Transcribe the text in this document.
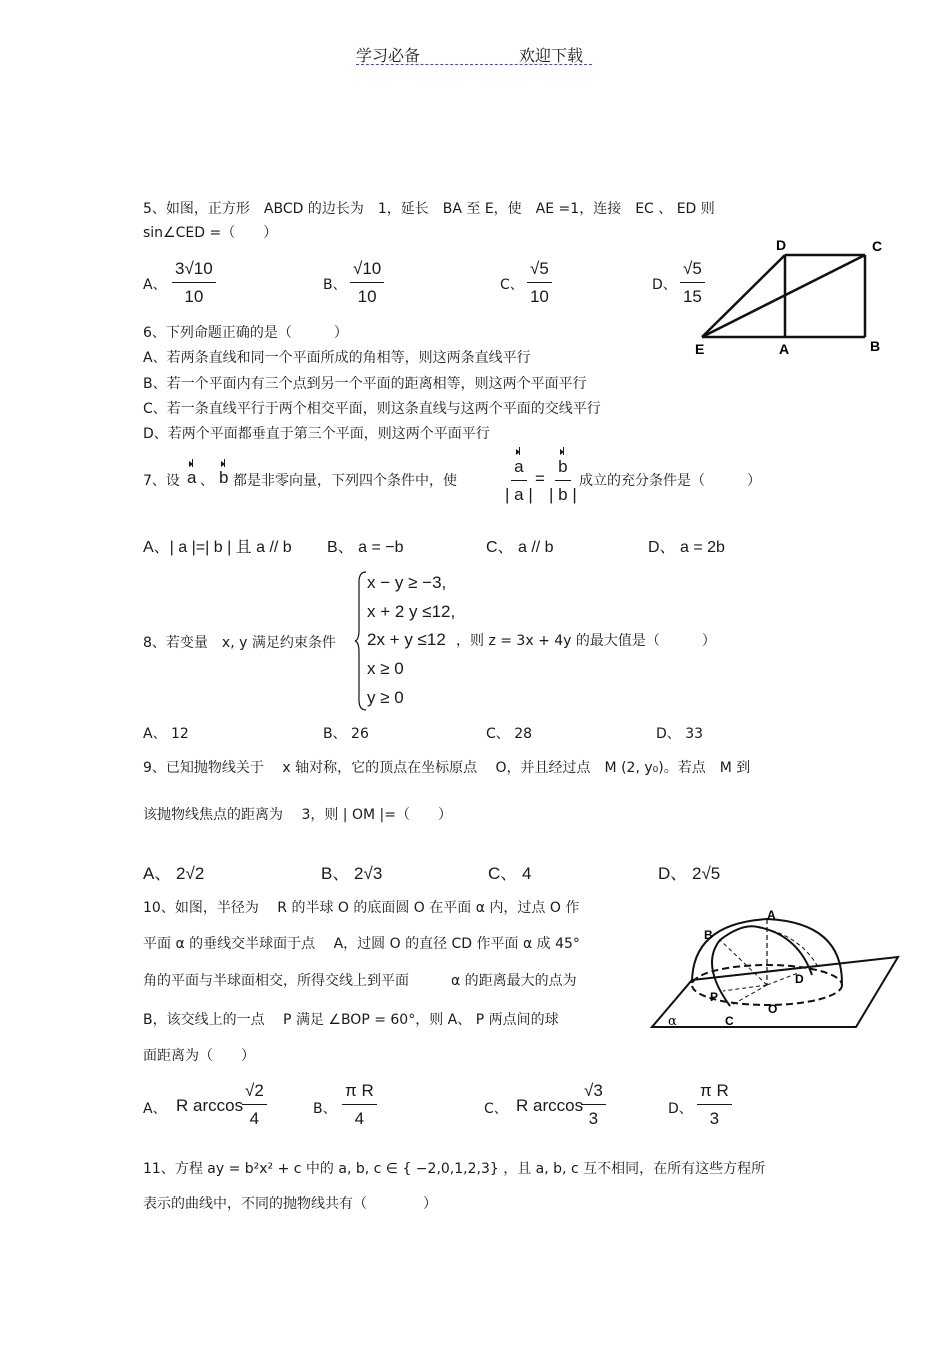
学习必备	欢迎下载
5、如图，正方形　ABCD 的边长为　1，延长　BA 至 E，使　AE =1，连接　EC 、 ED 则
sin∠CED =（　　）
A、 $\frac{3√10}{10}$	B、 $\frac{√10}{10}$	C、 $\frac{√5}{10}$	D、 $\frac{√5}{15}$
D	C
E	A	B
6、下列命题正确的是（　　　）
A、若两条直线和同一个平面所成的角相等，则这两条直线平行
B、若一个平面内有三个点到另一个平面的距离相等，则这两个平面平行
C、若一条直线平行于两个相交平面，则这条直线与这两个平面的交线平行
D、若两个平面都垂直于第三个平面，则这两个平面平行
7、设 a 、 b 都是非零向量，下列四个条件中，使	$\frac{a}{| a |} = \frac{b}{| b |}$ 成立的充分条件是（　　　）
A、| a |=| b | 且 a // b B、 a = −b	C、 a // b	D、 a = 2b
8、若变量　x, y 满足约束条件
x − y ≥ −3,
x + 2 y ≤12,
2x + y ≤12
x ≥ 0
y ≥ 0
，则 z = 3x + 4y 的最大值是（　　　）
A、 12	B、 26	C、 28	D、 33
9、已知抛物线关于　 x 轴对称，它的顶点在坐标原点　 O，并且经过点　M (2, y₀)。若点　M 到
该抛物线焦点的距离为　 3，则 | OM |=（　　）
A、 2√2	B、 2√3	C、 4	D、 2√5
10、如图，半径为　 R 的半球 O 的底面圆 O 在平面 α 内，过点 O 作
平面 α 的垂线交半球面于点　 A，过圆 O 的直径 CD 作平面 α 成 45°
角的平面与半球面相交，所得交线上到平面　　　α 的距离最大的点为
B，该交线上的一点　 P 满足 ∠BOP = 60°，则 A、 P 两点间的球
面距离为（　　）
A
B
D
P
O
C
α
A、 R arccos
$\frac{√2}{4}$	B、 $\frac{\text{π R}}{4}$	C、 R arccos
$\frac{√3}{3}$	D、 $\frac{\text{π R}}{3}$
11、方程 ay = b²x² + c 中的 a, b, c ∈ { −2,0,1,2,3} ，且 a, b, c 互不相同，在所有这些方程所
表示的曲线中，不同的抛物线共有（　　　　）
